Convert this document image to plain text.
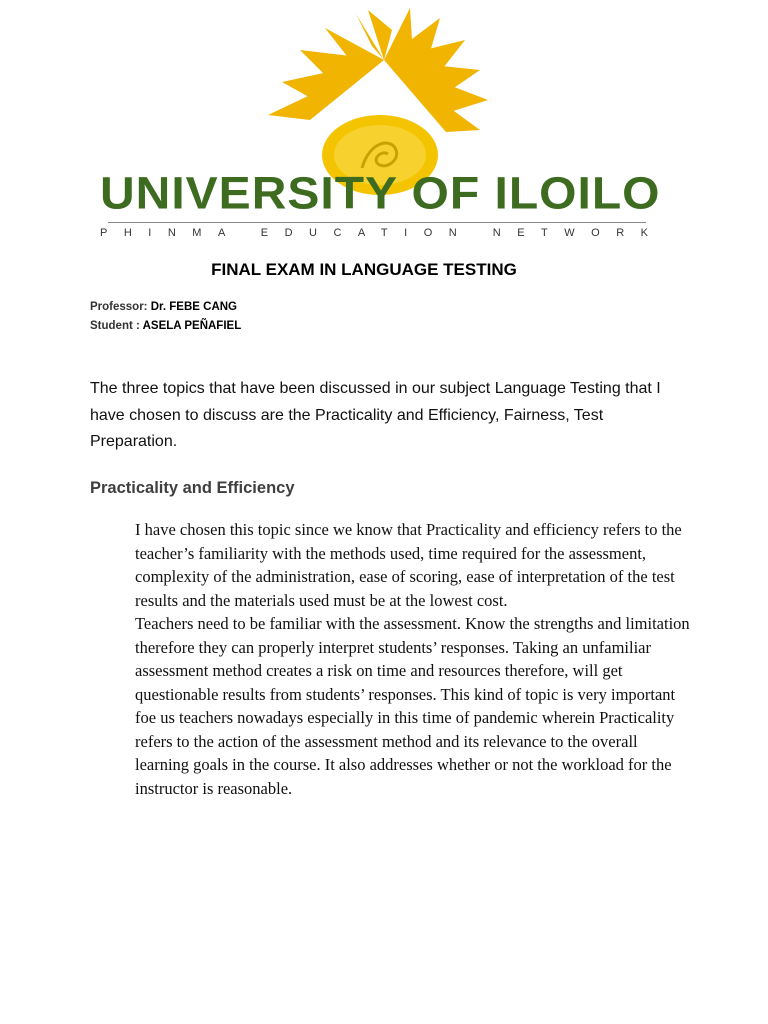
UNIVERSITY OF ILOILO
PHINMA EDUCATION NETWORK
FINAL EXAM IN LANGUAGE TESTING
Professor: Dr. FEBE CANG
Student : ASELA PEÑAFIEL
The three topics that have been discussed in our subject Language Testing that I have chosen to discuss are the Practicality and Efficiency, Fairness, Test Preparation.
Practicality and Efficiency

I have chosen this topic since we know that Practicality and efficiency refers to the teacher’s familiarity with the methods used, time required for the assessment, complexity of the administration, ease of scoring, ease of interpretation of the test results and the materials used must be at the lowest cost.

Teachers need to be familiar with the assessment. Know the strengths and limitation therefore they can properly interpret students’ responses. Taking an unfamiliar assessment method creates a risk on time and resources therefore, will get questionable results from students’ responses. This kind of topic is very important foe us teachers nowadays especially in this time of pandemic wherein Practicality refers to the action of the assessment method and its relevance to the overall learning goals in the course. It also addresses whether or not the workload for the instructor is reasonable.
